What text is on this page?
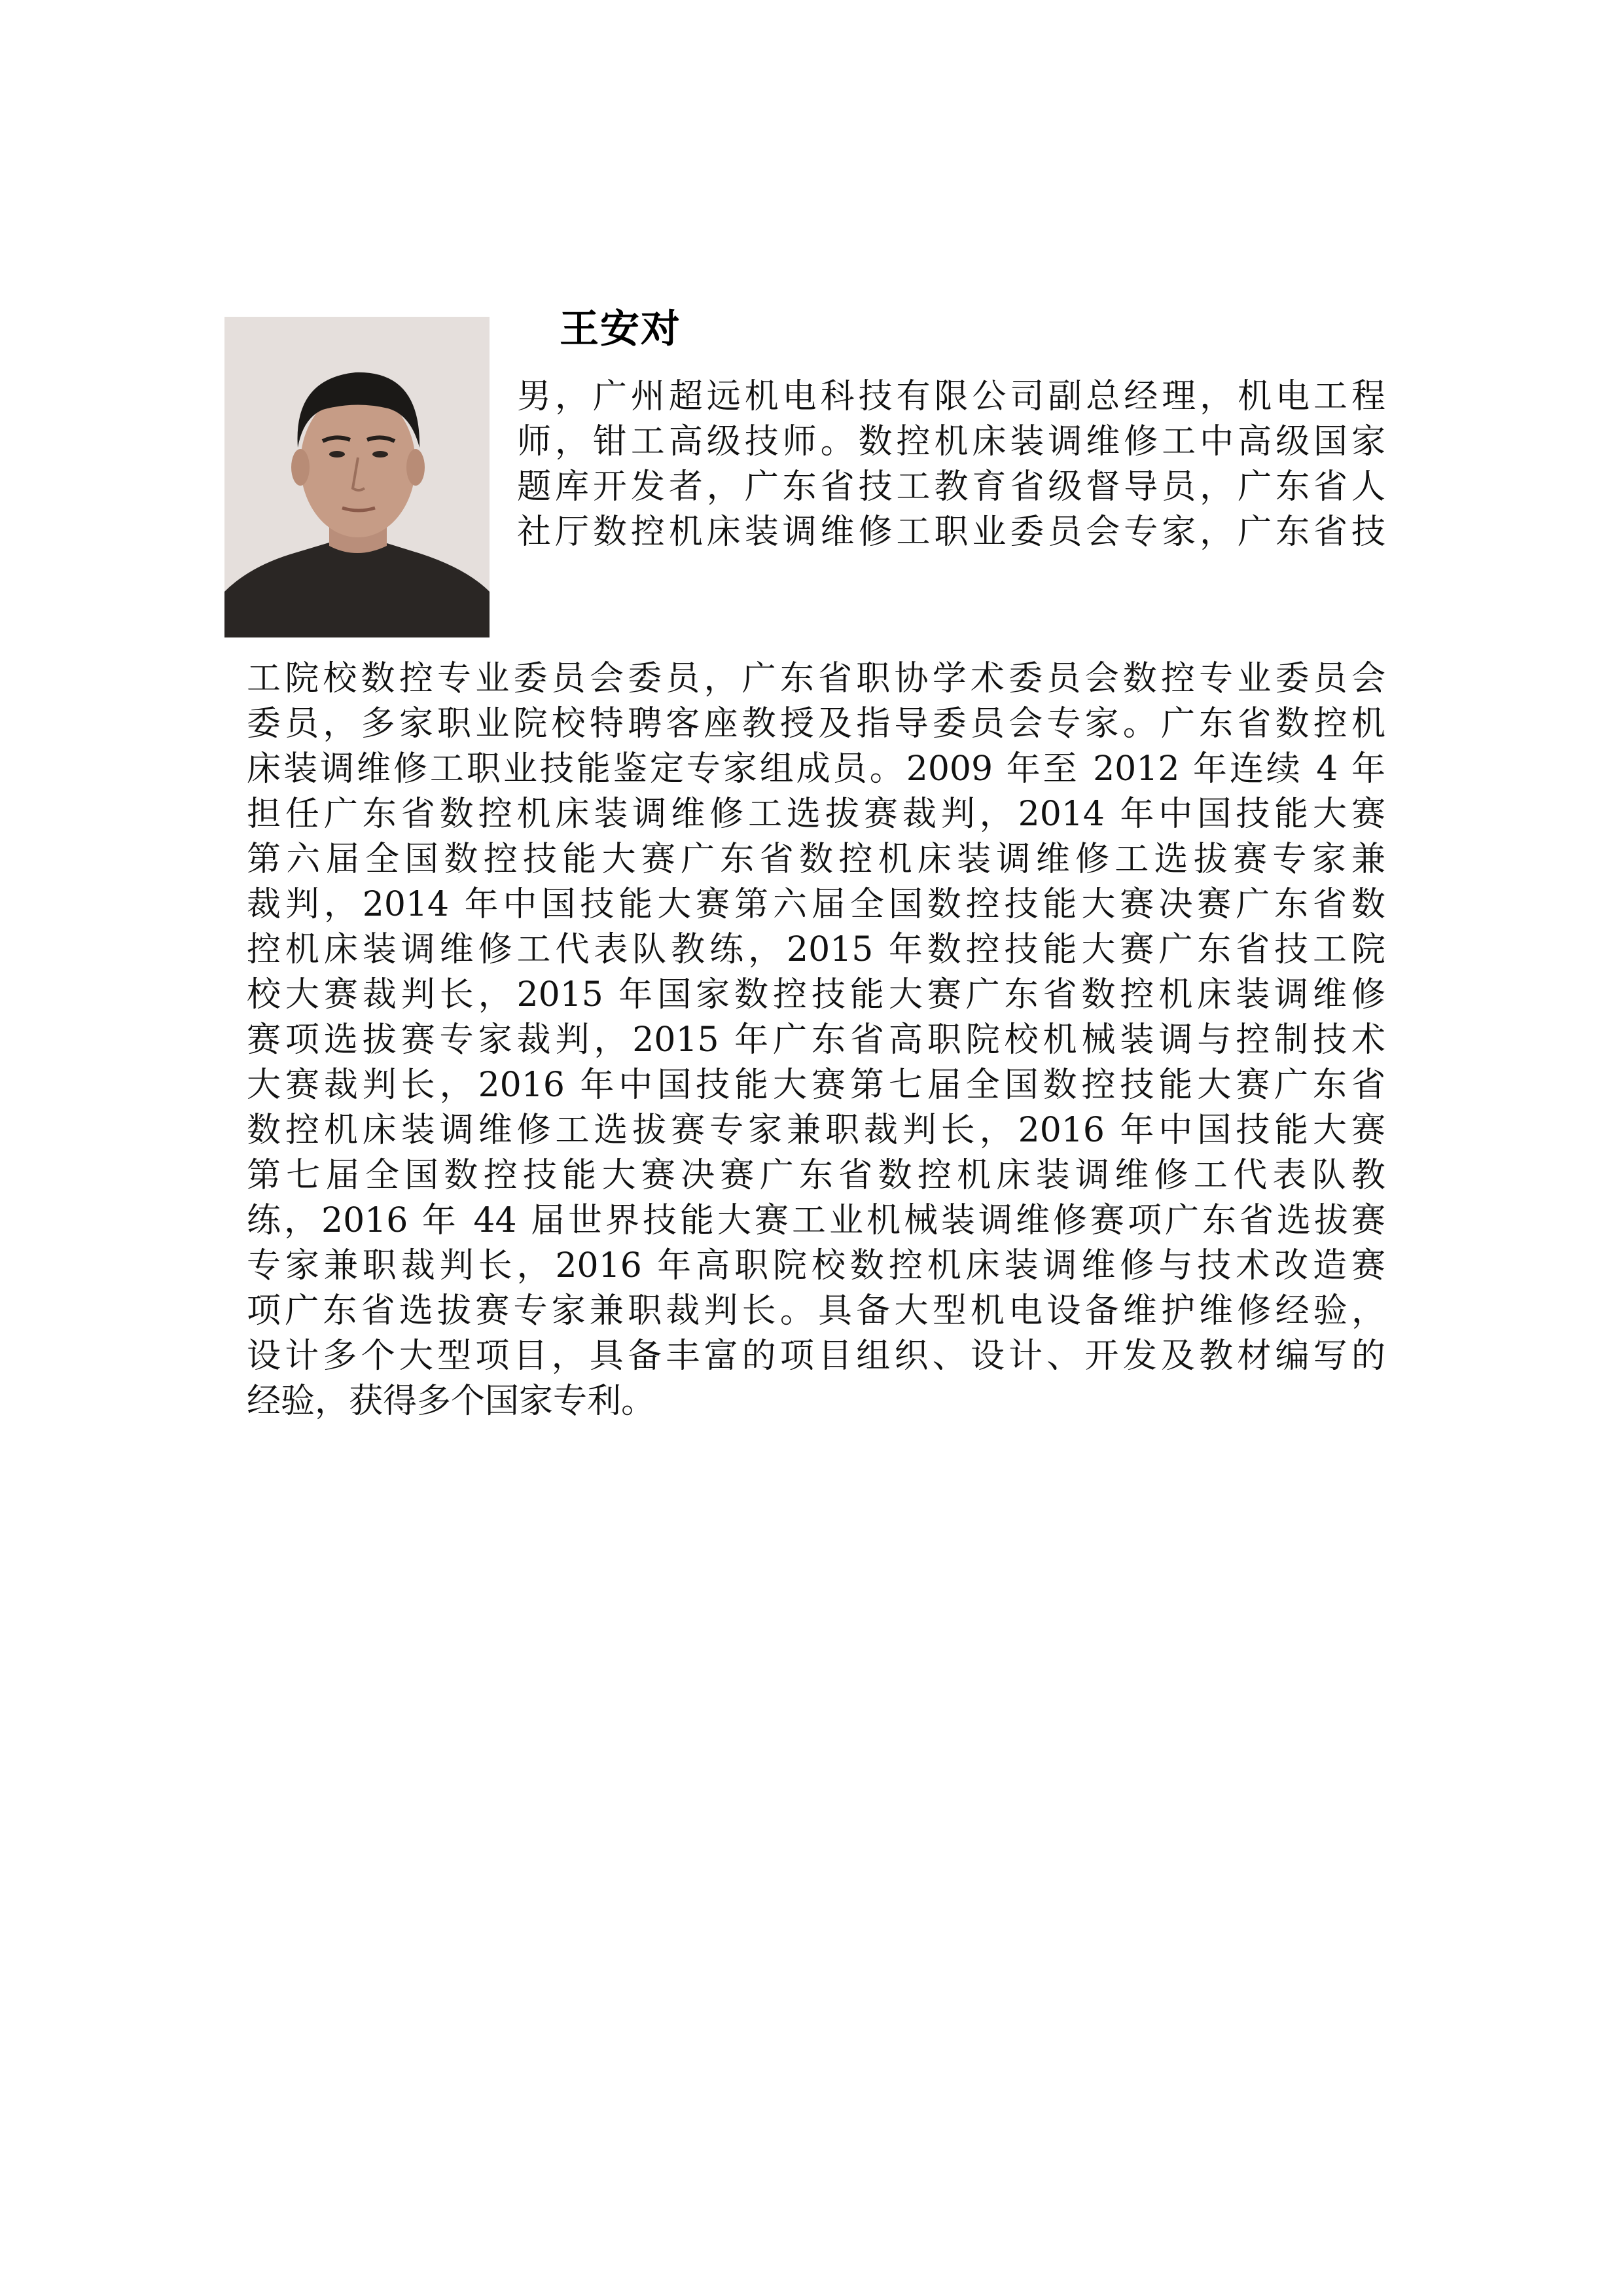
王安对
男，广州超远机电科技有限公司副总经理，机电工程
师，钳工高级技师。数控机床装调维修工中高级国家
题库开发者，广东省技工教育省级督导员，广东省人
社厅数控机床装调维修工职业委员会专家，广东省技
工院校数控专业委员会委员，广东省职协学术委员会数控专业委员会
委员，多家职业院校特聘客座教授及指导委员会专家。广东省数控机
床装调维修工职业技能鉴定专家组成员。2009 年至 2012 年连续 4 年
担任广东省数控机床装调维修工选拔赛裁判，2014 年中国技能大赛
第六届全国数控技能大赛广东省数控机床装调维修工选拔赛专家兼
裁判，2014 年中国技能大赛第六届全国数控技能大赛决赛广东省数
控机床装调维修工代表队教练，2015 年数控技能大赛广东省技工院
校大赛裁判长，2015 年国家数控技能大赛广东省数控机床装调维修
赛项选拔赛专家裁判，2015 年广东省高职院校机械装调与控制技术
大赛裁判长，2016 年中国技能大赛第七届全国数控技能大赛广东省
数控机床装调维修工选拔赛专家兼职裁判长，2016 年中国技能大赛
第七届全国数控技能大赛决赛广东省数控机床装调维修工代表队教
练，2016 年 44 届世界技能大赛工业机械装调维修赛项广东省选拔赛
专家兼职裁判长，2016 年高职院校数控机床装调维修与技术改造赛
项广东省选拔赛专家兼职裁判长。具备大型机电设备维护维修经验，
设计多个大型项目，具备丰富的项目组织、设计、开发及教材编写的
经验，获得多个国家专利。
